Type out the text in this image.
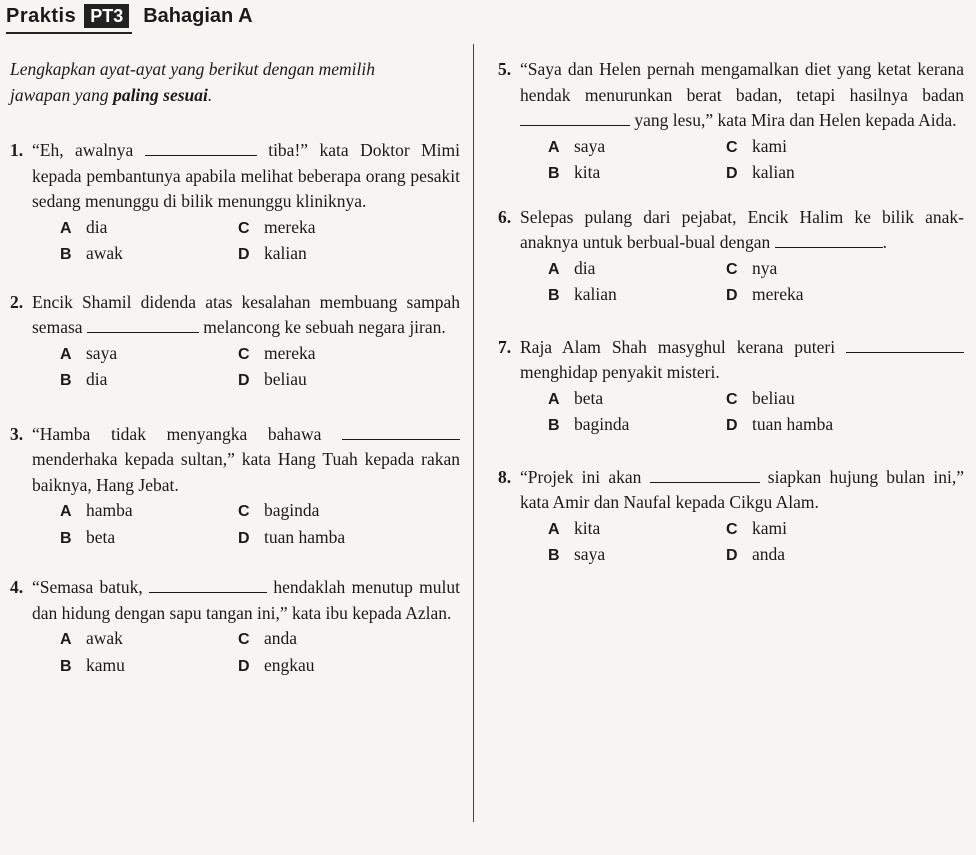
Praktis PT3	Bahagian A
Lengkapkan ayat-ayat yang berikut dengan memilih
jawapan yang paling sesuai.
1. “Eh, awalnya	tiba!” kata Doktor Mimi kepada pembantunya apabila melihat beberapa orang pesakit sedang menunggu di bilik menunggu kliniknya.
A dia	C mereka
B awak	D kalian
2. Encik Shamil didenda atas kesalahan membuang sampah semasa	melancong ke sebuah negara jiran.
A saya	C mereka
B dia	D beliau
3. “Hamba tidak menyangka bahawa  menderhaka kepada sultan,” kata Hang Tuah kepada rakan baiknya, Hang Jebat.
A hamba	C baginda
B beta	D tuan hamba
4. “Semasa batuk,	hendaklah menutup mulut dan hidung dengan sapu tangan ini,” kata ibu kepada Azlan.
A awak	C anda
B kamu	D engkau
5. “Saya dan Helen pernah mengamalkan diet yang ketat kerana hendak menurunkan berat badan, tetapi hasilnya badan  yang lesu,” kata Mira dan Helen kepada Aida.
A saya	C kami
B kita	D kalian
6. Selepas pulang dari pejabat, Encik Halim ke bilik anak-anaknya untuk berbual-bual dengan	.
A dia	C nya
B kalian	D mereka
7. Raja Alam Shah masyghul kerana puteri  menghidap penyakit misteri.
A beta	C beliau
B baginda	D tuan hamba
8. “Projek ini akan	siapkan hujung bulan ini,” kata Amir dan Naufal kepada Cikgu Alam.
A kita	C kami
B saya	D anda
